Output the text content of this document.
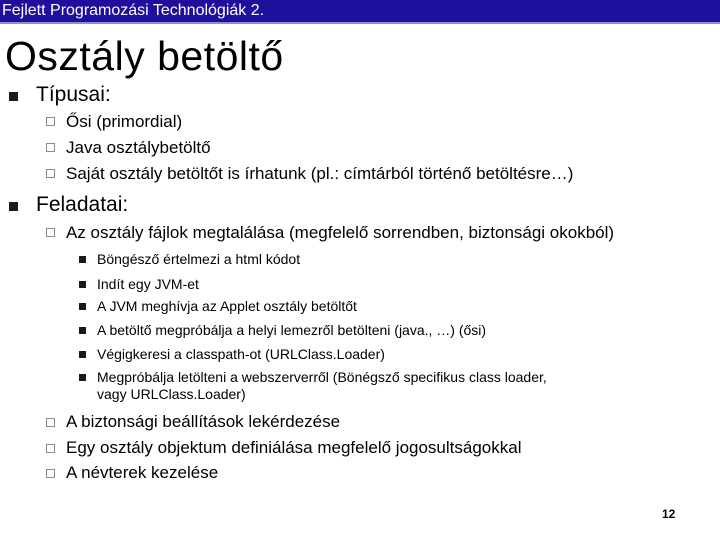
Fejlett Programozási Technológiák 2.
Osztály betöltő
Típusai:
Ősi (primordial)
Java osztálybetöltő
Saját osztály betöltőt is írhatunk (pl.: címtárból történő betöltésre…)
Feladatai:
Az osztály fájlok megtalálása (megfelelő sorrendben, biztonsági okokból)
Böngésző értelmezi a html kódot
Indít egy JVM-et
A JVM meghívja az Applet osztály betöltőt
A betöltő megpróbálja a helyi lemezről betölteni (java., …) (ősi)
Végigkeresi a classpath-ot (URLClass.Loader)
Megpróbálja letölteni a webszerverről (Bönégsző specifikus class loader,
vagy URLClass.Loader)
A biztonsági beállítások lekérdezése
Egy osztály objektum definiálása megfelelő jogosultságokkal
A névterek kezelése
12
